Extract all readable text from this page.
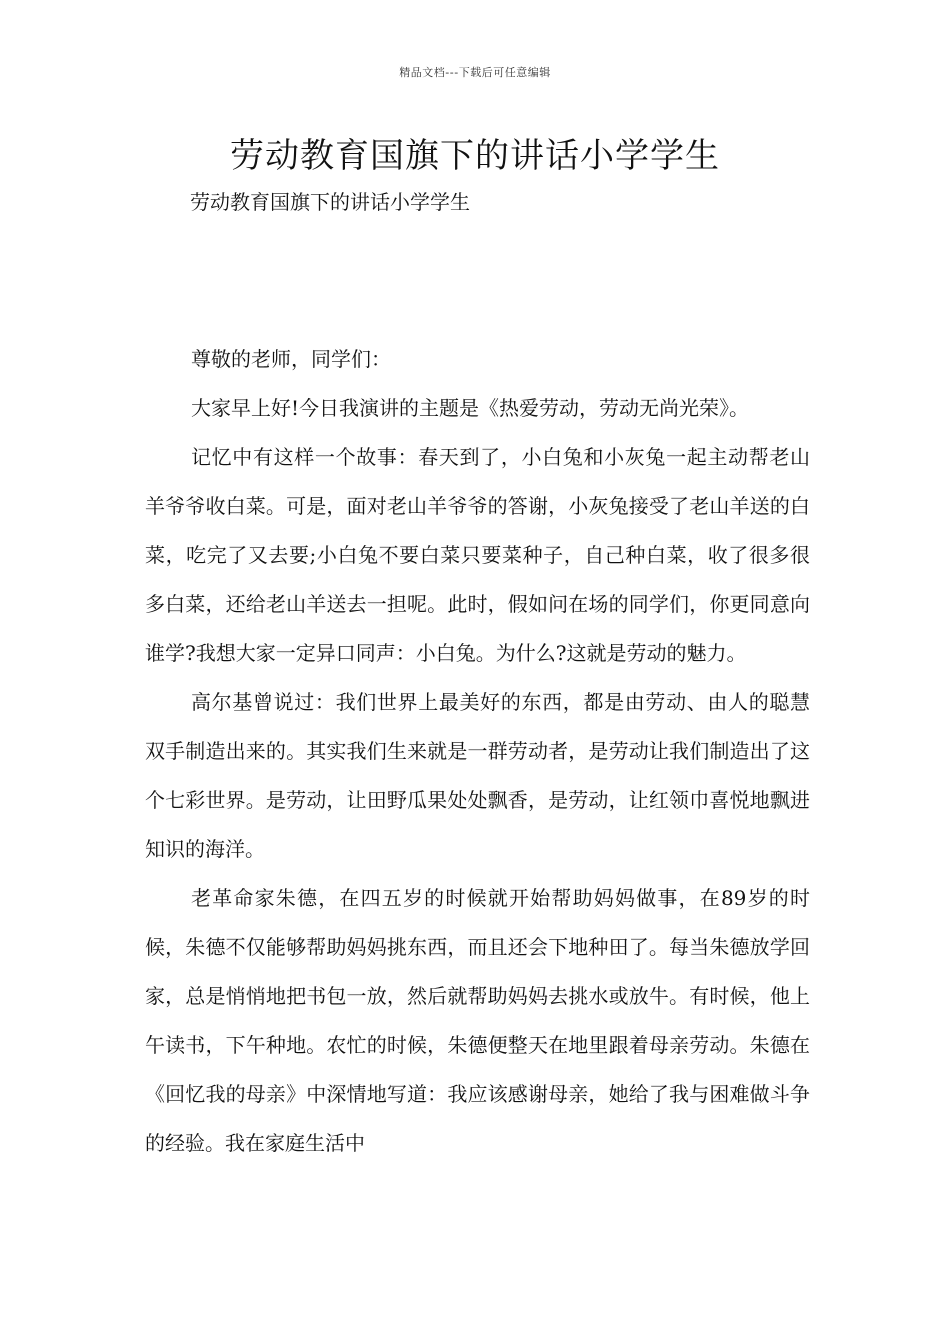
精品文档---下载后可任意编辑
劳动教育国旗下的讲话小学学生
劳动教育国旗下的讲话小学学生

尊敬的老师，同学们：

大家早上好!今日我演讲的主题是《热爱劳动，劳动无尚光荣》。

记忆中有这样一个故事：春天到了，小白兔和小灰兔一起主动帮老山羊爷爷收白菜。可是，面对老山羊爷爷的答谢，小灰兔接受了老山羊送的白菜，吃完了又去要;小白兔不要白菜只要菜种子，自己种白菜，收了很多很多白菜，还给老山羊送去一担呢。此时，假如问在场的同学们，你更同意向谁学?我想大家一定异口同声：小白兔。为什么?这就是劳动的魅力。

高尔基曾说过：我们世界上最美好的东西，都是由劳动、由人的聪慧双手制造出来的。其实我们生来就是一群劳动者，是劳动让我们制造出了这个七彩世界。是劳动，让田野瓜果处处飘香，是劳动，让红领巾喜悦地飘进知识的海洋。

老革命家朱德，在四五岁的时候就开始帮助妈妈做事，在89岁的时候，朱德不仅能够帮助妈妈挑东西，而且还会下地种田了。每当朱德放学回家，总是悄悄地把书包一放，然后就帮助妈妈去挑水或放牛。有时候，他上午读书，下午种地。农忙的时候，朱德便整天在地里跟着母亲劳动。朱德在《回忆我的母亲》中深情地写道：我应该感谢母亲，她给了我与困难做斗争的经验。我在家庭生活中
